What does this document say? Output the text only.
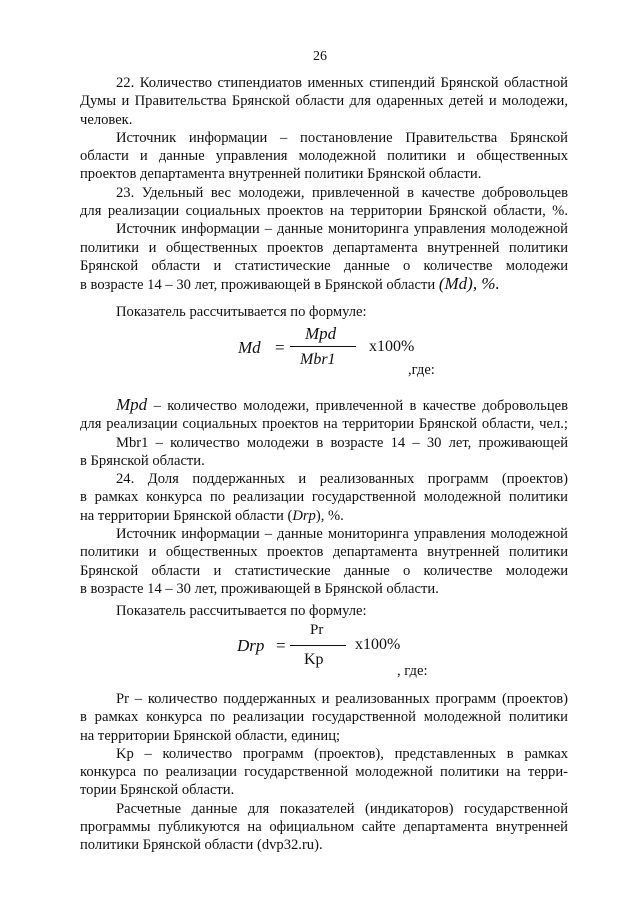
26
22. Количество стипендиатов именных стипендий Брянской областной
Думы и Правительства Брянской области для одаренных детей и молодежи,
человек.
Источник информации – постановление Правительства Брянской
области и данные управления молодежной политики и общественных
проектов департамента внутренней политики Брянской области.
23. Удельный вес молодежи, привлеченной в качестве добровольцев
для реализации социальных проектов на территории Брянской области, %.
Источник информации – данные мониторинга управления молодежной
политики и общественных проектов департамента внутренней политики
Брянской области и статистические данные о количестве молодежи
в возрасте 14 – 30 лет, проживающей в Брянской области (Md), %.
Показатель рассчитывается по формуле:
Md =
Mpd
Mbr1
x100%
,где:
Mpd – количество молодежи, привлеченной в качестве добровольцев
для реализации социальных проектов на территории Брянской области, чел.;
Mbr1 – количество молодежи в возрасте 14 – 30 лет, проживающей
в Брянской области.
24. Доля поддержанных и реализованных программ (проектов)
в рамках конкурса по реализации государственной молодежной политики
на территории Брянской области (Drp), %.
Источник информации – данные мониторинга управления молодежной
политики и общественных проектов департамента внутренней политики
Брянской области и статистические данные о количестве молодежи
в возрасте 14 – 30 лет, проживающей в Брянской области.
Показатель рассчитывается по формуле:
Drp =
Pr
Kp
x100%
, где:
Pr – количество поддержанных и реализованных программ (проектов)
в рамках конкурса по реализации государственной молодежной политики
на территории Брянской области, единиц;
Kp – количество программ (проектов), представленных в рамках
конкурса по реализации государственной молодежной политики на терри-
тории Брянской области.
Расчетные данные для показателей (индикаторов) государственной
программы публикуются на официальном сайте департамента внутренней
политики Брянской области (dvp32.ru).
